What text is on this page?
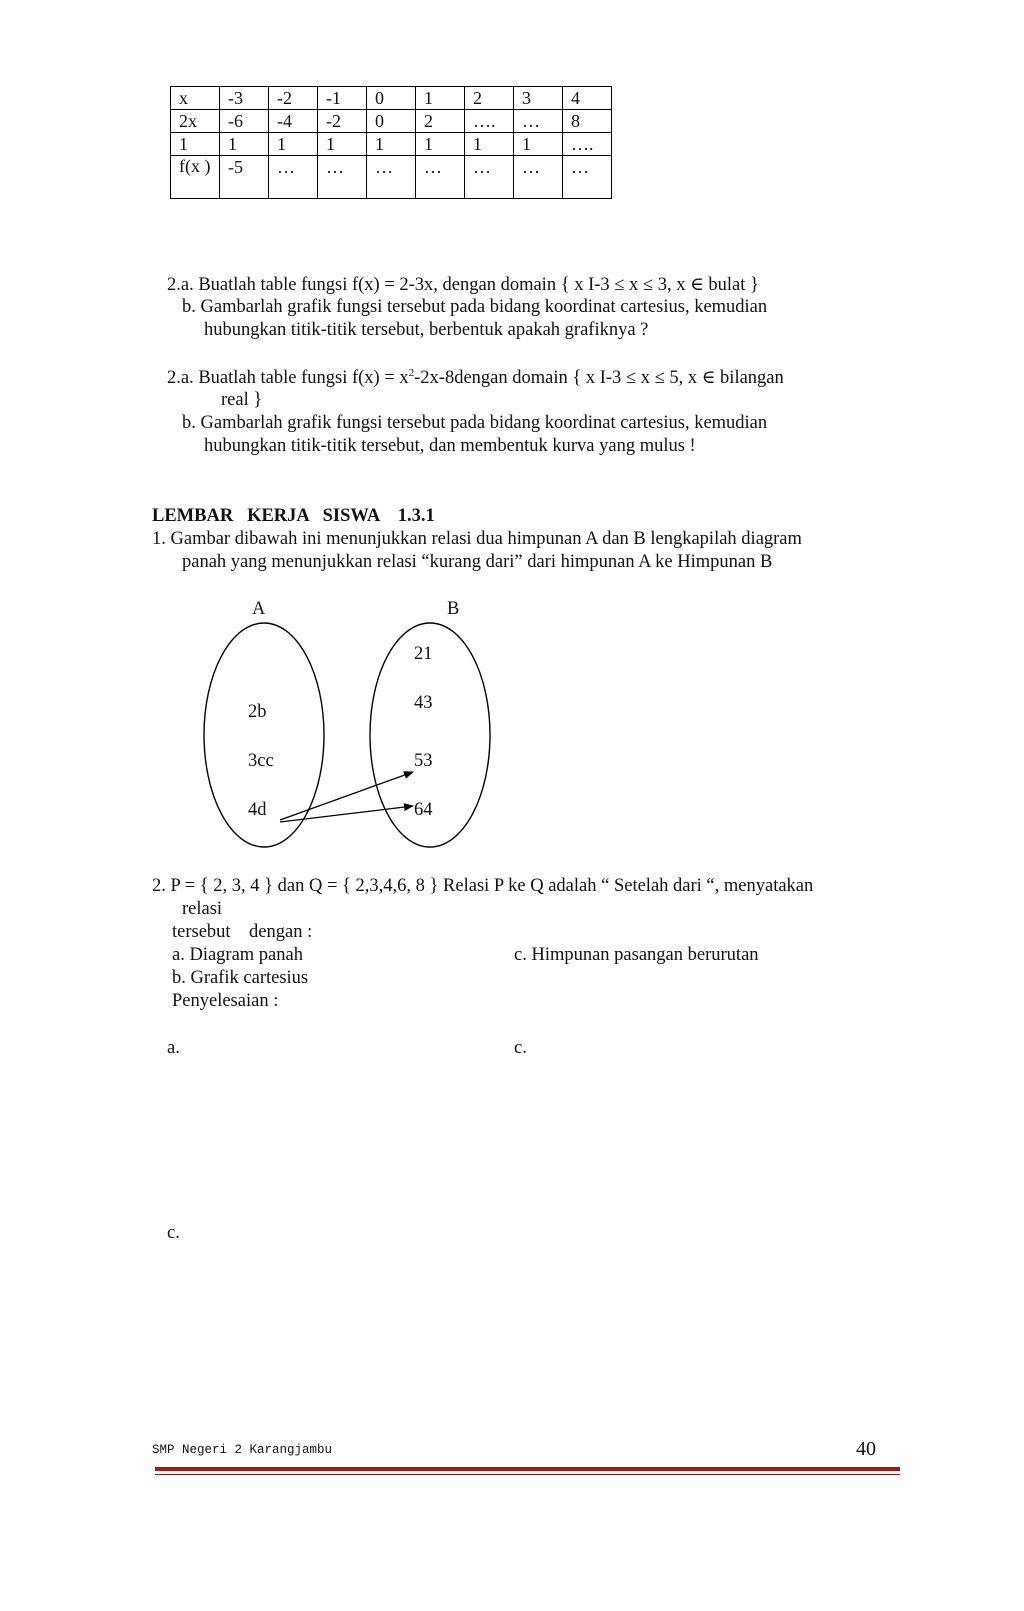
x	-3	-2	-1	0	1	2	3	4
2x	-6	-4	-2	0	2	….	…	8
1	1	1	1	1	1	1	1	….
f(x )	-5	…	…	…	…	…	…	…
2.a. Buatlah table fungsi f(x) = 2-3x, dengan domain { x I-3 ≤ x ≤ 3, x ∈ bulat }
b. Gambarlah grafik fungsi tersebut pada bidang koordinat cartesius, kemudian
hubungkan titik-titik tersebut, berbentuk apakah grafiknya ?
2.a. Buatlah table fungsi $f(x) = x^2-2x-8dengan$ domain { x I-3 ≤ x ≤ 5, x ∈ bilangan
real }
b. Gambarlah grafik fungsi tersebut pada bidang koordinat cartesius, kemudian
hubungkan titik-titik tersebut, dan membentuk kurva yang mulus !
LEMBAR   KERJA   SISWA    1.3.1
1. Gambar dibawah ini menunjukkan relasi dua himpunan A dan B lengkapilah diagram
panah yang menunjukkan relasi “kurang dari” dari himpunan A ke Himpunan B
A	B
2b
3cc
4d
21
43
53
64
2. P = { 2, 3, 4 } dan Q = { 2,3,4,6, 8 } Relasi P ke Q adalah “ Setelah dari “, menyatakan
relasi
tersebut    dengan :
a. Diagram panah	c. Himpunan pasangan berurutan
b. Grafik cartesius
Penyelesaian :
a.	c.
c.
SMP Negeri 2 Karangjambu	40
